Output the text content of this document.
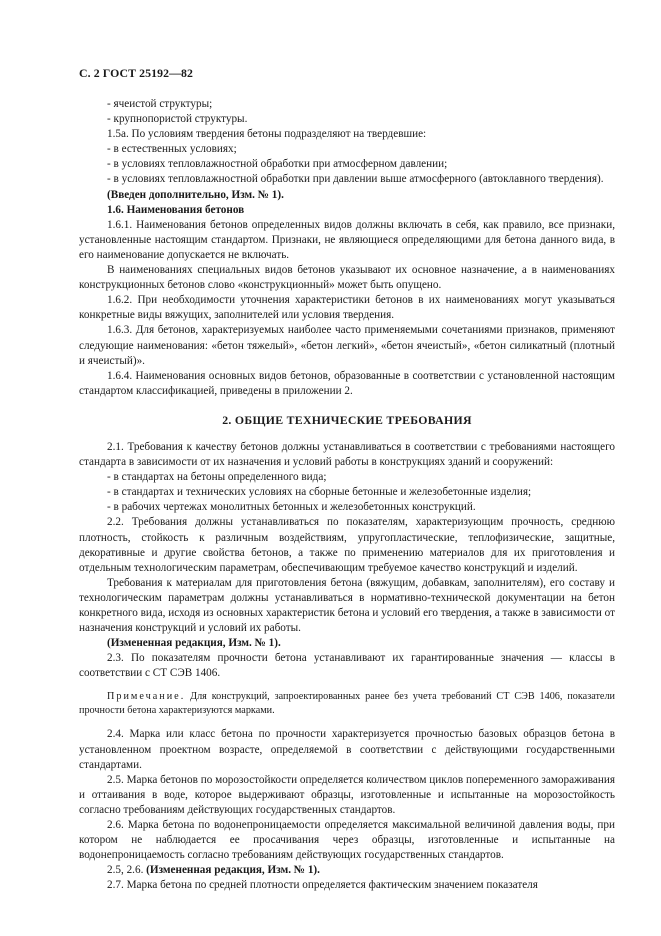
С. 2 ГОСТ 25192—82

- ячеистой структуры;

- крупнопористой структуры.

1.5а. По условиям твердения бетоны подразделяют на твердевшие:

- в естественных условиях;

- в условиях тепловлажностной обработки при атмосферном давлении;

- в условиях тепловлажностной обработки при давлении выше атмосферного (автоклавного твердения).

(Введен дополнительно, Изм. № 1).

1.6. Наименования бетонов

1.6.1. Наименования бетонов определенных видов должны включать в себя, как правило, все признаки, установленные настоящим стандартом. Признаки, не являющиеся определяющими для бетона данного вида, в его наименование допускается не включать.

В наименованиях специальных видов бетонов указывают их основное назначение, а в наименованиях конструкционных бетонов слово «конструкционный» может быть опущено.

1.6.2. При необходимости уточнения характеристики бетонов в их наименованиях могут указываться конкретные виды вяжущих, заполнителей или условия твердения.

1.6.3. Для бетонов, характеризуемых наиболее часто применяемыми сочетаниями признаков, применяют следующие наименования: «бетон тяжелый», «бетон легкий», «бетон ячеистый», «бетон силикатный (плотный и ячеистый)».

1.6.4. Наименования основных видов бетонов, образованные в соответствии с установленной настоящим стандартом классификацией, приведены в приложении 2.

2. ОБЩИЕ ТЕХНИЧЕСКИЕ ТРЕБОВАНИЯ

2.1. Требования к качеству бетонов должны устанавливаться в соответствии с требованиями настоящего стандарта в зависимости от их назначения и условий работы в конструкциях зданий и сооружений:

- в стандартах на бетоны определенного вида;

- в стандартах и технических условиях на сборные бетонные и железобетонные изделия;

- в рабочих чертежах монолитных бетонных и железобетонных конструкций.

2.2. Требования должны устанавливаться по показателям, характеризующим прочность, среднюю плотность, стойкость к различным воздействиям, упругопластические, теплофизические, защитные, декоративные и другие свойства бетонов, а также по применению материалов для их приготовления и отдельным технологическим параметрам, обеспечивающим требуемое качество конструкций и изделий.

Требования к материалам для приготовления бетона (вяжущим, добавкам, заполнителям), его составу и технологическим параметрам должны устанавливаться в нормативно-технической документации на бетон конкретного вида, исходя из основных характеристик бетона и условий его твердения, а также в зависимости от назначения конструкций и условий их работы.

(Измененная редакция, Изм. № 1).

2.3. По показателям прочности бетона устанавливают их гарантированные значения — классы в соответствии с СТ СЭВ 1406.

Примечание. Для конструкций, запроектированных ранее без учета требований СТ СЭВ 1406, показатели прочности бетона характеризуются марками.

2.4. Марка или класс бетона по прочности характеризуется прочностью базовых образцов бетона в установленном проектном возрасте, определяемой в соответствии с действующими государственными стандартами.

2.5. Марка бетонов по морозостойкости определяется количеством циклов попеременного замораживания и оттаивания в воде, которое выдерживают образцы, изготовленные и испытанные на морозостойкость согласно требованиям действующих государственных стандартов.

2.6. Марка бетона по водонепроницаемости определяется максимальной величиной давления воды, при котором не наблюдается ее просачивания через образцы, изготовленные и испытанные на водонепроницаемость согласно требованиям действующих государственных стандартов.

2.5, 2.6. (Измененная редакция, Изм. № 1).

2.7. Марка бетона по средней плотности определяется фактическим значением показателя
